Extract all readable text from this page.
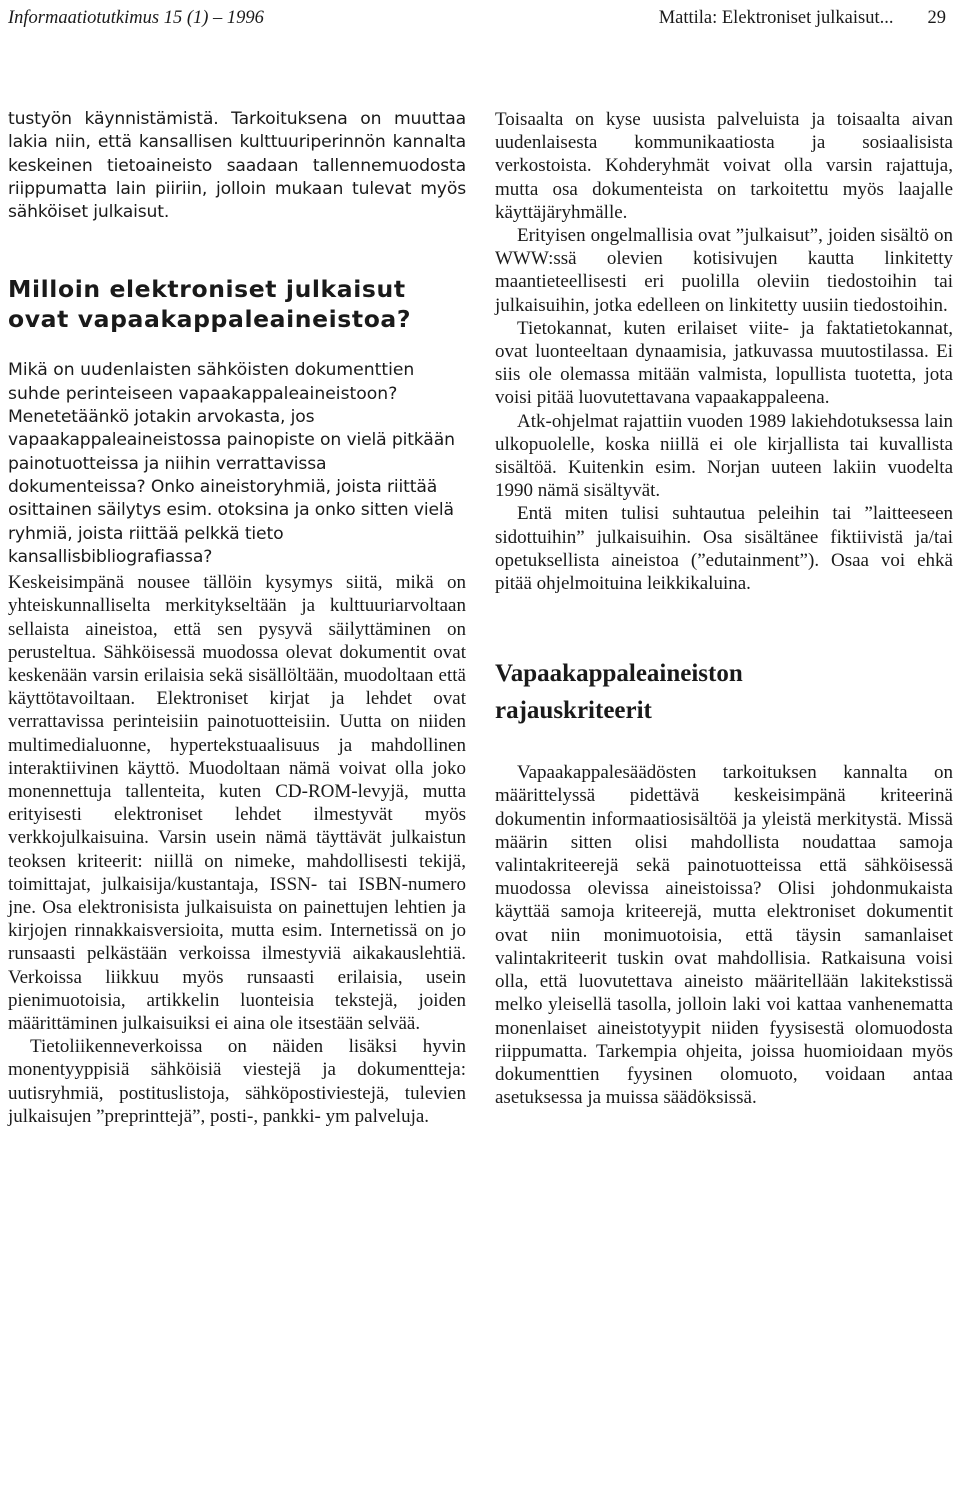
Informaatiotutkimus 15 (1) – 1996	Mattila: Elektroniset julkaisut... 29

tustyön käynnistämistä. Tarkoituksena on muuttaa lakia niin, että kansallisen kulttuuriperinnön kannalta keskeinen tietoaineisto saadaan tallennemuodosta riippumatta lain piiriin, jolloin mukaan tulevat myös sähköiset julkaisut.

Milloin elektroniset julkaisut ovat vapaakappaleaineistoa?

Mikä on uudenlaisten sähköisten dokumenttien suhde perinteiseen vapaakappaleaineistoon?

Menetetäänkö jotakin arvokasta, jos vapaakappaleaineistossa painopiste on vielä pitkään painotuotteissa ja niihin verrattavissa dokumenteissa? Onko aineistoryhmiä, joista riittää osittainen säilytys esim. otoksina ja onko sitten vielä ryhmiä, joista riittää pelkkä tieto kansallisbibliografiassa?

Keskeisimpänä nousee tällöin kysymys siitä, mikä on yhteiskunnalliselta merkitykseltään ja kulttuuriarvoltaan sellaista aineistoa, että sen pysyvä säilyttäminen on perusteltua. Sähköisessä muodossa olevat dokumentit ovat keskenään varsin erilaisia sekä sisällöltään, muodoltaan että käyttötavoiltaan. Elektroniset kirjat ja lehdet ovat verrattavissa perinteisiin painotuotteisiin. Uutta on niiden multimedialuonne, hypertekstuaalisuus ja mahdollinen interaktiivinen käyttö. Muodoltaan nämä voivat olla joko monennettuja tallenteita, kuten CD-ROM-levyjä, mutta erityisesti elektroniset lehdet ilmestyvät myös verkkojulkaisuina. Varsin usein nämä täyttävät julkaistun teoksen kriteerit: niillä on nimeke, mahdollisesti tekijä, toimittajat, julkaisija/kustantaja, ISSN- tai ISBN-numero jne. Osa elektronisista julkaisuista on painettujen lehtien ja kirjojen rinnakkaisversioita, mutta esim. Internetissä on jo runsaasti pelkästään verkoissa ilmestyviä aikakauslehtiä. Verkoissa liikkuu myös runsaasti erilaisia, usein pienimuotoisia, artikkelin luonteisia tekstejä, joiden määrittäminen julkaisuiksi ei aina ole itsestään selvää.

Tietoliikenneverkoissa on näiden lisäksi hyvin monentyyppisiä sähköisiä viestejä ja dokumentteja: uutisryhmiä, postituslistoja, sähköpostiviestejä, tulevien julkaisujen ”preprinttejä”, posti-, pankki- ym palveluja.

Toisaalta on kyse uusista palveluista ja toisaalta aivan uudenlaisesta kommunikaatiosta ja sosiaalisista verkostoista. Kohderyhmät voivat olla varsin rajattuja, mutta osa dokumenteista on tarkoitettu myös laajalle käyttäjäryhmälle.

Erityisen ongelmallisia ovat ”julkaisut”, joiden sisältö on WWW:ssä olevien kotisivujen kautta linkitetty maantieteellisesti eri puolilla oleviin tiedostoihin tai julkaisuihin, jotka edelleen on linkitetty uusiin tiedostoihin.

Tietokannat, kuten erilaiset viite- ja faktatietokannat, ovat luonteeltaan dynaamisia, jatkuvassa muutostilassa. Ei siis ole olemassa mitään valmista, lopullista tuotetta, jota voisi pitää luovutettavana vapaakappaleena.

Atk-ohjelmat rajattiin vuoden 1989 lakiehdotuksessa lain ulkopuolelle, koska niillä ei ole kirjallista tai kuvallista sisältöä. Kuitenkin esim. Norjan uuteen lakiin vuodelta 1990 nämä sisältyvät.

Entä miten tulisi suhtautua peleihin tai ”laitteeseen sidottuihin” julkaisuihin. Osa sisältänee fiktiivistä ja/tai opetuksellista aineistoa (”edutainment”). Osaa voi ehkä pitää ohjelmoituina leikkikaluina.

Vapaakappaleaineiston rajauskriteerit

Vapaakappalesäädösten tarkoituksen kannalta on määrittelyssä pidettävä keskeisimpänä kriteerinä dokumentin informaatiosisältöä ja yleistä merkitystä. Missä määrin sitten olisi mahdollista noudattaa samoja valintakriteerejä sekä painotuotteissa että sähköisessä muodossa olevissa aineistoissa? Olisi johdonmukaista käyttää samoja kriteerejä, mutta elektroniset dokumentit ovat niin monimuotoisia, että täysin samanlaiset valintakriteerit tuskin ovat mahdollisia. Ratkaisuna voisi olla, että luovutettava aineisto määritellään lakitekstissä melko yleisellä tasolla, jolloin laki voi kattaa vanhenematta monenlaiset aineistotyypit niiden fyysisestä olomuodosta riippumatta. Tarkempia ohjeita, joissa huomioidaan myös dokumenttien fyysinen olomuoto, voidaan antaa asetuksessa ja muissa säädöksissä.
